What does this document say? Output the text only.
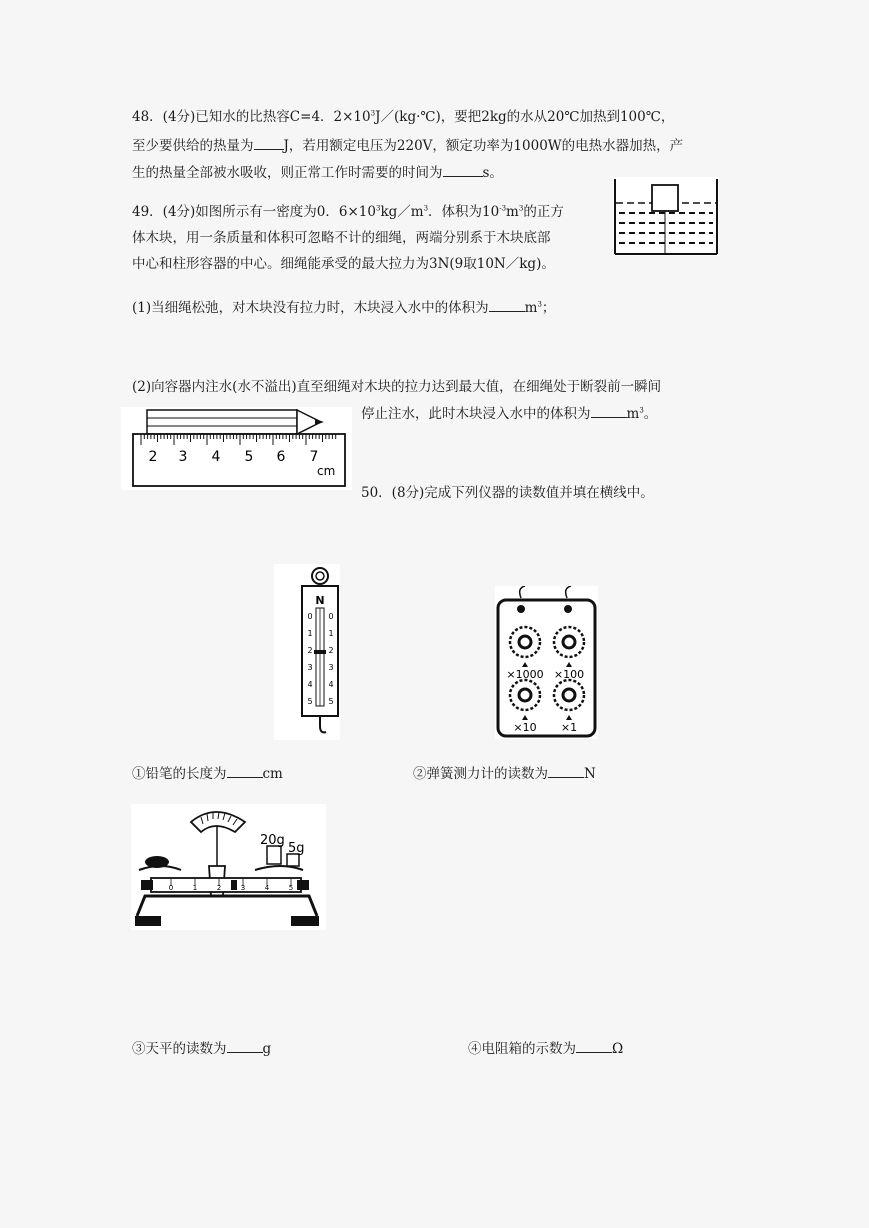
48．(4分)已知水的比热容C=4．$2\times 10^3J/(kg\cdot℃)$，要把2kg的水从20℃加热到100℃，
至少要供给的热量为 J，若用额定电压为220V，额定功率为1000W的电热水器加热，产
生的热量全部被水吸收，则正常工作时需要的时间为	s。
49．(4分)如图所示有一密度为0．$6\times 10^3kg/m^3$．体积为$10^{-3}m^3$的正方
体木块，用一条质量和体积可忽略不计的细绳，两端分别系于木块底部
中心和柱形容器的中心。细绳能承受的最大拉力为3N(9取10N／kg)。
(1)当细绳松弛，对木块没有拉力时，木块浸入水中的体积为	$m^3$；
(2)向容器内注水(水不溢出)直至细绳对木块的拉力达到最大值，在细绳处于断裂前一瞬间
停止注水，此时木块浸入水中的体积为	$m^3$。
2 3 4 5 6 7
cm
50．(8分)完成下列仪器的读数值并填在横线中。
N
0
1
2
3
4
5
0
1
2
3
4
5
×1000 ×100
×10 ×1
①铅笔的长度为	cm	②弹簧测力计的读数为	N
20g
5g
0	1	2	3	4	5
③天平的读数为	g	④电阻箱的示数为	Ω
